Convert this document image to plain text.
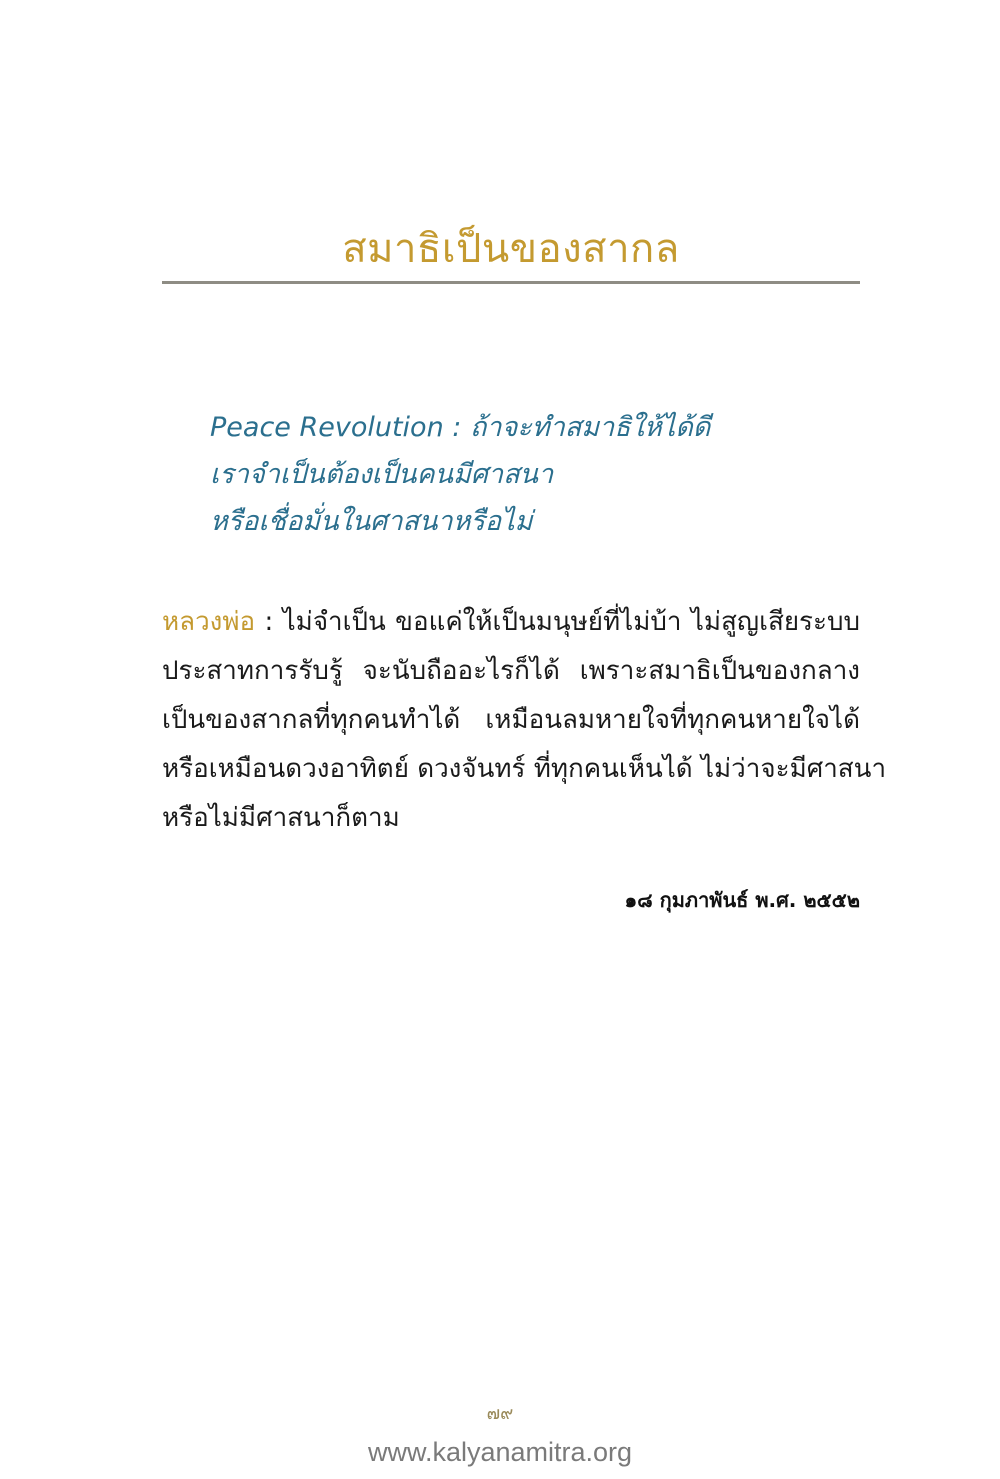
สมาธิเป็นของสากล
Peace Revolution : ถ้าจะทำสมาธิให้ได้ดี
เราจำเป็นต้องเป็นคนมีศาสนา
หรือเชื่อมั่นในศาสนาหรือไม่
หลวงพ่อ : ไม่จำเป็น ขอแค่ให้เป็นมนุษย์ที่ไม่บ้า ไม่สูญเสียระบบ
ประสาทการรับรู้ จะนับถืออะไรก็ได้ เพราะสมาธิเป็นของกลาง
เป็นของสากลที่ทุกคนทำได้ เหมือนลมหายใจที่ทุกคนหายใจได้
หรือเหมือนดวงอาทิตย์ ดวงจันทร์ ที่ทุกคนเห็นได้ ไม่ว่าจะมีศาสนา
หรือไม่มีศาสนาก็ตาม
๑๘ กุมภาพันธ์ พ.ศ. ๒๕๕๒
๗๙
www.kalyanamitra.org
